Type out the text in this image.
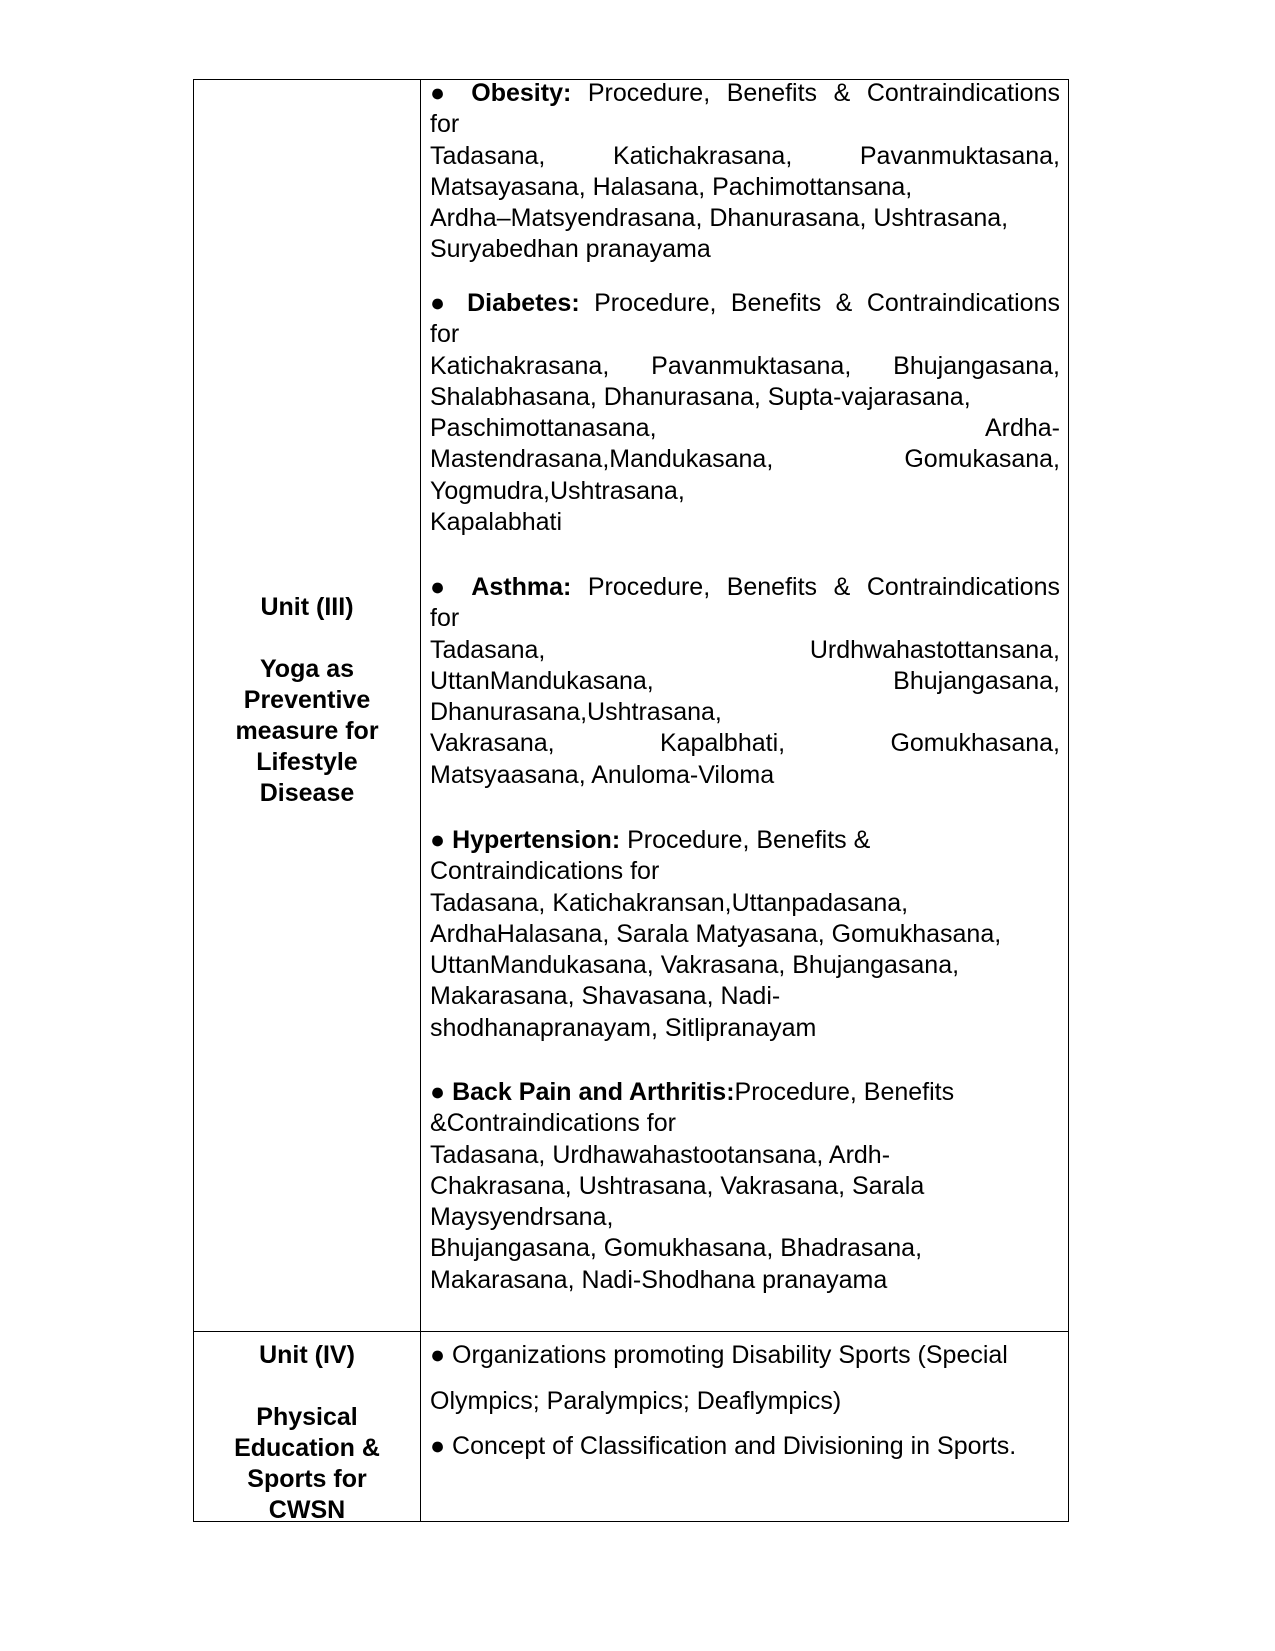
Unit (III)
Yoga as Preventive measure for Lifestyle Disease
● Obesity: Procedure, Benefits & Contraindications
for
Tadasana, Katichakrasana, Pavanmuktasana,
Matsayasana, Halasana, Pachimottansana,
Ardha–Matsyendrasana, Dhanurasana, Ushtrasana,
Suryabedhan pranayama
● Diabetes: Procedure, Benefits & Contraindications
for
Katichakrasana, Pavanmuktasana, Bhujangasana,
Shalabhasana, Dhanurasana, Supta-vajarasana,
Paschimottanasana, Ardha-
Mastendrasana,Mandukasana, Gomukasana,
Yogmudra,Ushtrasana,
Kapalabhati
● Asthma: Procedure, Benefits & Contraindications
for
Tadasana, Urdhwahastottansana,
UttanMandukasana, Bhujangasana,
Dhanurasana,Ushtrasana,
Vakrasana, Kapalbhati, Gomukhasana,
Matsyaasana, Anuloma-Viloma
● Hypertension: Procedure, Benefits &
Contraindications for
Tadasana, Katichakransan,Uttanpadasana,
ArdhaHalasana, Sarala Matyasana, Gomukhasana,
UttanMandukasana, Vakrasana, Bhujangasana,
Makarasana, Shavasana, Nadi-
shodhanapranayam, Sitlipranayam
● Back Pain and Arthritis:Procedure, Benefits
&Contraindications for
Tadasana, Urdhawahastootansana, Ardh-
Chakrasana, Ushtrasana, Vakrasana, Sarala
Maysyendrsana,
Bhujangasana, Gomukhasana, Bhadrasana,
Makarasana, Nadi-Shodhana pranayama
Unit (IV)
Physical Education & Sports for CWSN
● Organizations promoting Disability Sports (Special
Olympics; Paralympics; Deaflympics)
● Concept of Classification and Divisioning in Sports.
